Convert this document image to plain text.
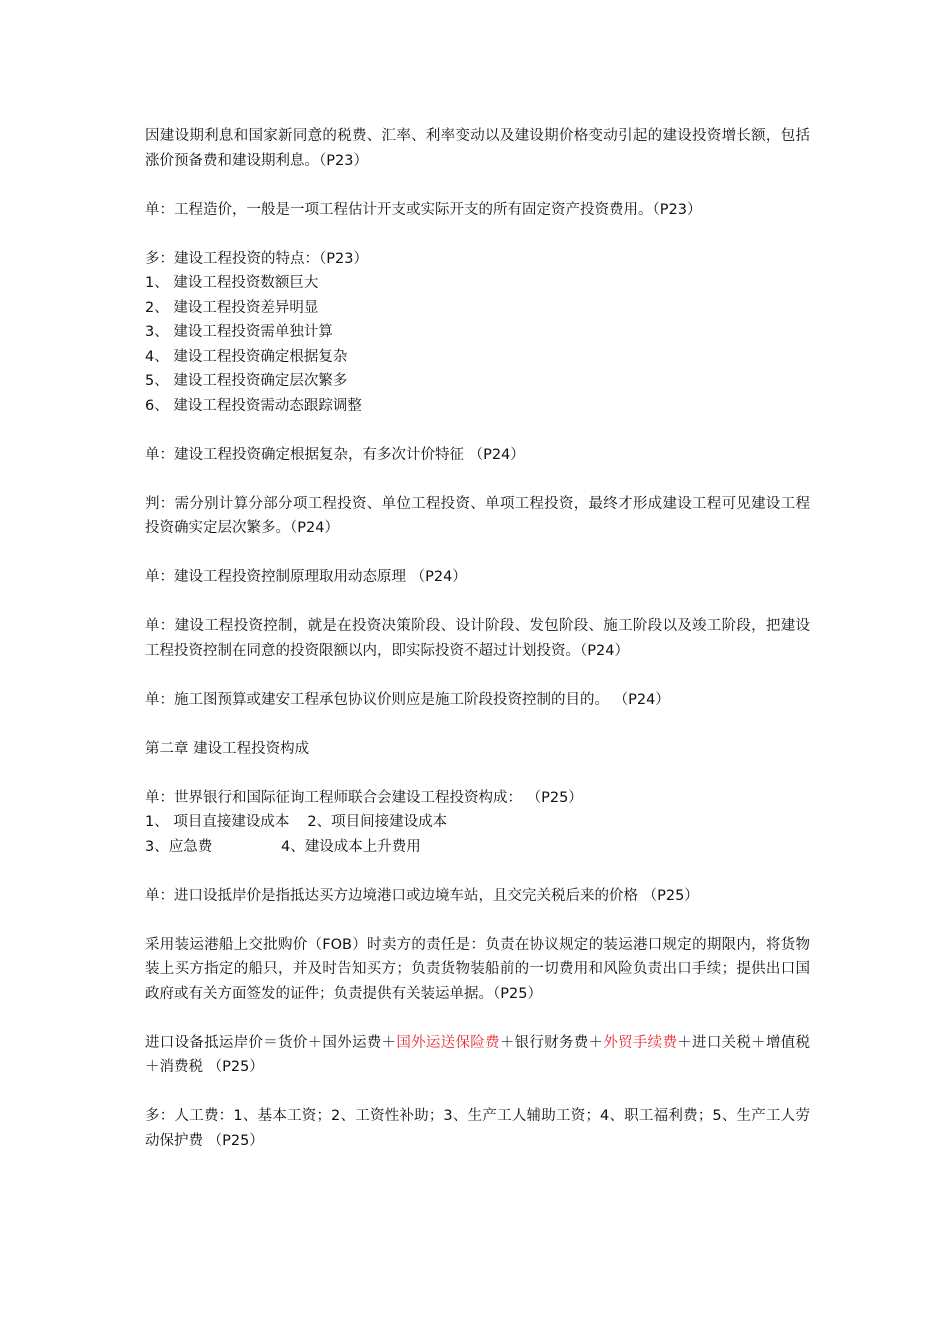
因建设期利息和国家新同意的税费、汇率、利率变动以及建设期价格变动引起的建设投资增长额，包括涨价预备费和建设期利息。（P23）

单：工程造价，一般是一项工程估计开支或实际开支的所有固定资产投资费用。（P23）

多：建设工程投资的特点：（P23）
1、 建设工程投资数额巨大
2、 建设工程投资差异明显
3、 建设工程投资需单独计算
4、 建设工程投资确定根据复杂
5、 建设工程投资确定层次繁多
6、 建设工程投资需动态跟踪调整

单：建设工程投资确定根据复杂，有多次计价特征 （P24）

判：需分别计算分部分项工程投资、单位工程投资、单项工程投资，最终才形成建设工程可见建设工程投资确实定层次繁多。（P24）

单：建设工程投资控制原理取用动态原理 （P24）

单：建设工程投资控制，就是在投资决策阶段、设计阶段、发包阶段、施工阶段以及竣工阶段，把建设工程投资控制在同意的投资限额以内，即实际投资不超过计划投资。（P24）

单：施工图预算或建安工程承包协议价则应是施工阶段投资控制的目的。 （P24）

第二章 建设工程投资构成

单：世界银行和国际征询工程师联合会建设工程投资构成： （P25）
1、 项目直接建设成本 2、项目间接建设成本
3、应急费	4、建设成本上升费用

单：进口设抵岸价是指抵达买方边境港口或边境车站，且交完关税后来的价格 （P25）

采用装运港船上交批购价（FOB）时卖方的责任是：负责在协议规定的装运港口规定的期限内，将货物装上买方指定的船只，并及时告知买方；负责货物装船前的一切费用和风险负责出口手续；提供出口国政府或有关方面签发的证件；负责提供有关装运单据。（P25）

进口设备抵运岸价＝货价＋国外运费＋国外运送保险费＋银行财务费＋外贸手续费＋进口关税＋增值税＋消费税 （P25）

多：人工费：1、基本工资；2、工资性补助；3、生产工人辅助工资；4、职工福利费；5、生产工人劳动保护费 （P25）
